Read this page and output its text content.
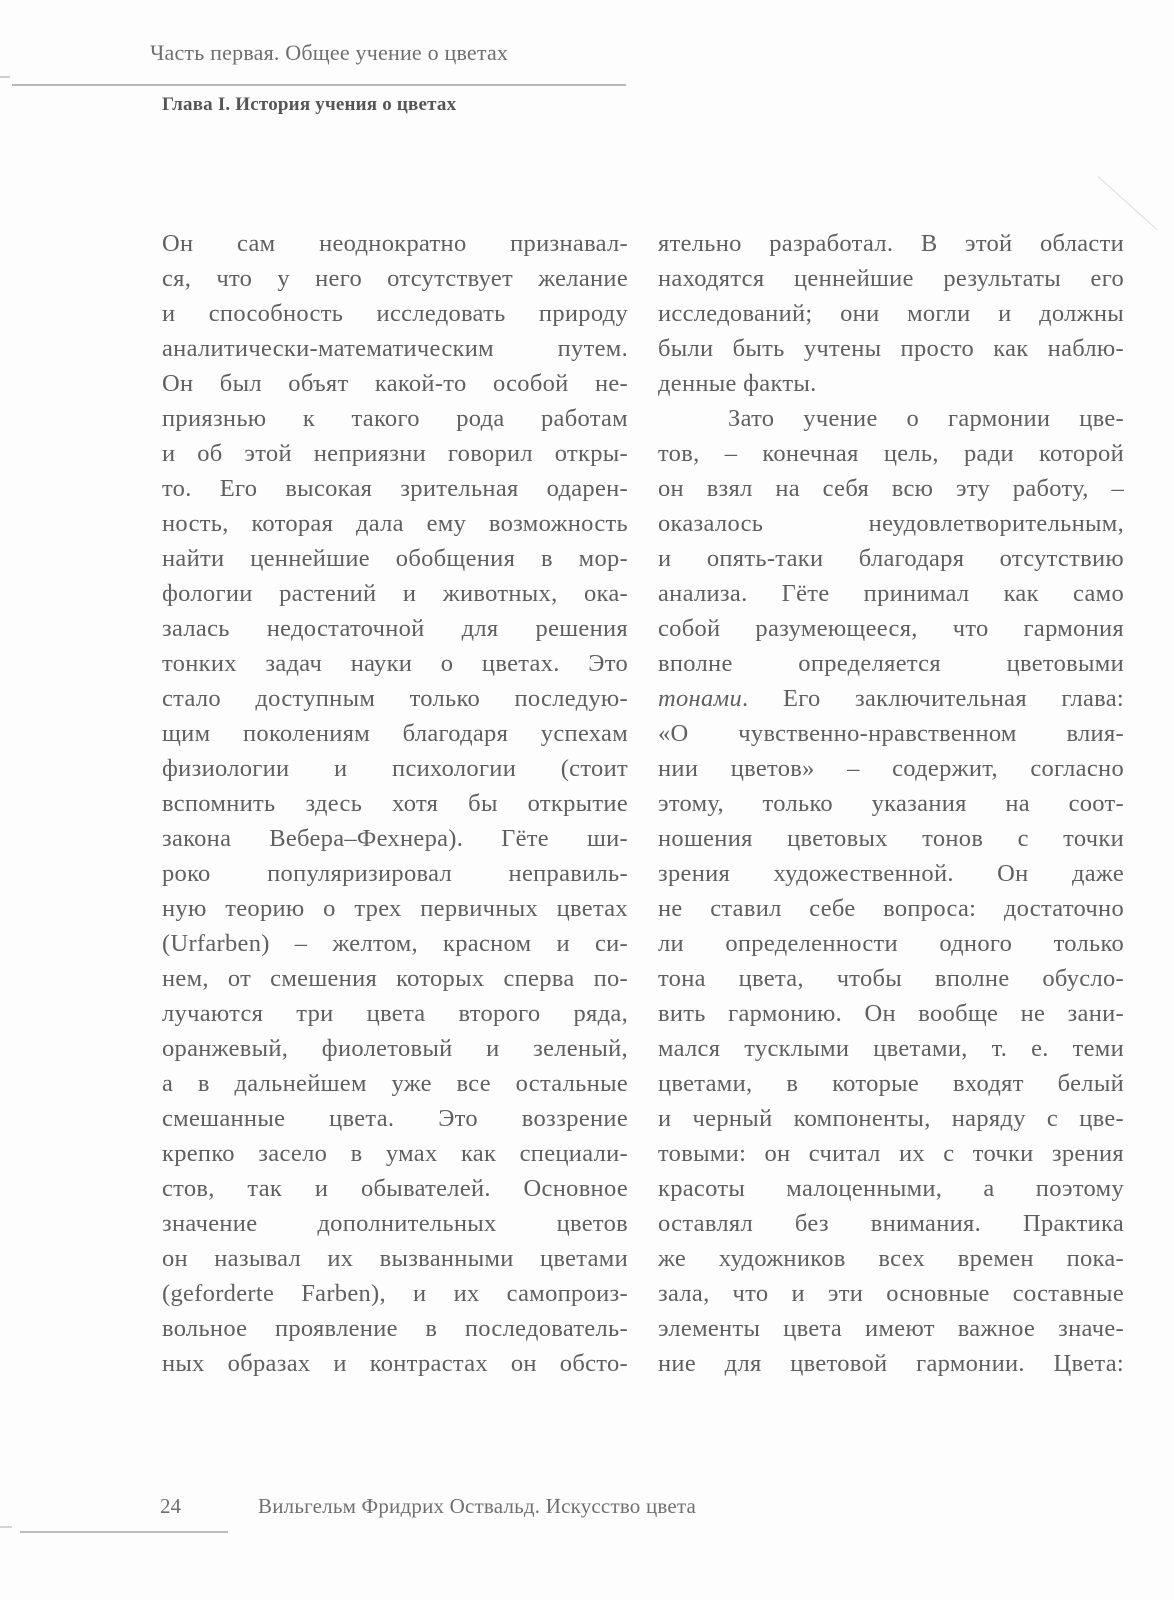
Часть первая. Общее учение о цветах
Глава I. История учения о цветах
Он сам неоднократно признавал-
ся, что у него отсутствует желание
и способность исследовать природу
аналитически-математическим путем.
Он был объят какой-то особой не-
приязнью к такого рода работам
и об этой неприязни говорил откры-
то. Его высокая зрительная одарен-
ность, которая дала ему возможность
найти ценнейшие обобщения в мор-
фологии растений и животных, ока-
залась недостаточной для решения
тонких задач науки о цветах. Это
стало доступным только последую-
щим поколениям благодаря успехам
физиологии и психологии (стоит
вспомнить здесь хотя бы открытие
закона Вебера–Фехнера). Гёте ши-
роко популяризировал неправиль-
ную теорию о трех первичных цветах
(Urfarben) – желтом, красном и си-
нем, от смешения которых сперва по-
лучаются три цвета второго ряда,
оранжевый, фиолетовый и зеленый,
а в дальнейшем уже все остальные
смешанные цвета. Это воззрение
крепко засело в умах как специали-
стов, так и обывателей. Основное
значение дополнительных цветов
он называл их вызванными цветами
(geforderte Farben), и их самопроиз-
вольное проявление в последователь-
ных образах и контрастах он обсто-
ятельно разработал. В этой области
находятся ценнейшие результаты его
исследований; они могли и должны
были быть учтены просто как наблю-
денные факты.
Зато учение о гармонии цве-
тов, – конечная цель, ради которой
он взял на себя всю эту работу, –
оказалось неудовлетворительным,
и опять-таки благодаря отсутствию
анализа. Гёте принимал как само
собой разумеющееся, что гармония
вполне определяется цветовыми
тонами. Его заключительная глава:
«О чувственно-нравственном влия-
нии цветов» – содержит, согласно
этому, только указания на соот-
ношения цветовых тонов с точки
зрения художественной. Он даже
не ставил себе вопроса: достаточно
ли определенности одного только
тона цвета, чтобы вполне обусло-
вить гармонию. Он вообще не зани-
мался тусклыми цветами, т. е. теми
цветами, в которые входят белый
и черный компоненты, наряду с цве-
товыми: он считал их с точки зрения
красоты малоценными, а поэтому
оставлял без внимания. Практика
же художников всех времен пока-
зала, что и эти основные составные
элементы цвета имеют важное значе-
ние для цветовой гармонии. Цвета:
24	Вильгельм Фридрих Оствальд. Искусство цвета
